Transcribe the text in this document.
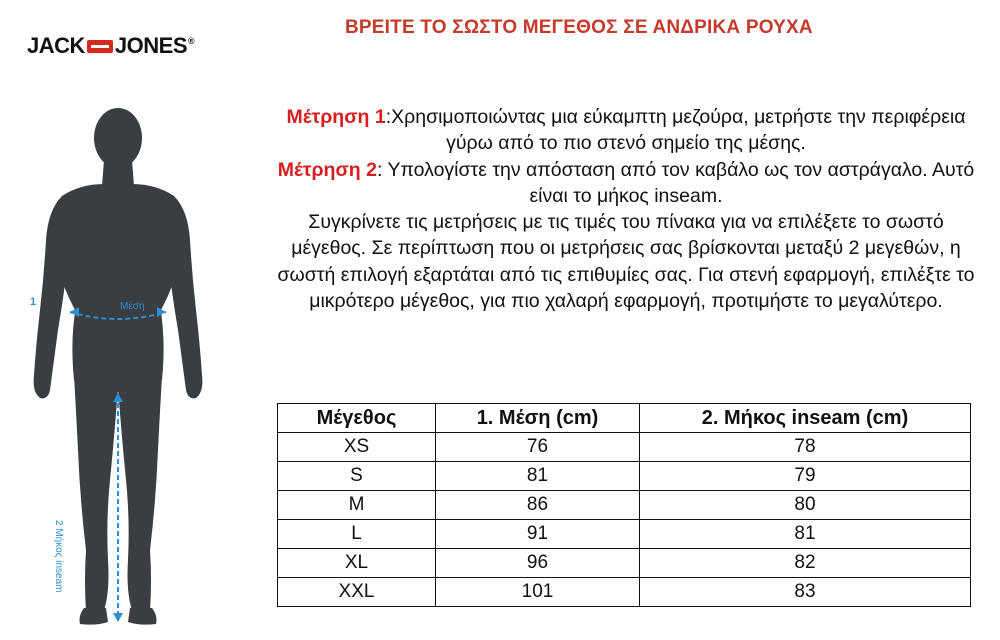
JACK JONES ®
ΒΡΕΙΤΕ ΤΟ ΣΩΣΤΟ ΜΕΓΕΘΟΣ ΣΕ ΑΝΔΡΙΚΑ ΡΟΥΧΑ
1	Μέση
2 Μήκος inseam

Μέτρηση 1:Χρησιμοποιώντας μια εύκαμπτη μεζούρα, μετρήστε την περιφέρεια γύρω από το πιο στενό σημείο της μέσης.

Μέτρηση 2: Υπολογίστε την απόσταση από τον καβάλο ως τον αστράγαλο. Αυτό είναι το μήκος inseam.

Συγκρίνετε τις μετρήσεις με τις τιμές του πίνακα για να επιλέξετε το σωστό μέγεθος. Σε περίπτωση που οι μετρήσεις σας βρίσκονται μεταξύ 2 μεγεθών, η σωστή επιλογή εξαρτάται από τις επιθυμίες σας. Για στενή εφαρμογή, επιλέξτε το μικρότερο μέγεθος, για πιο χαλαρή εφαρμογή, προτιμήστε το μεγαλύτερο.

Μέγεθος	1. Μέση (cm)	2. Μήκος inseam (cm)
XS	76	78
S	81	79
M	86	80
L	91	81
XL	96	82
XXL	101	83
